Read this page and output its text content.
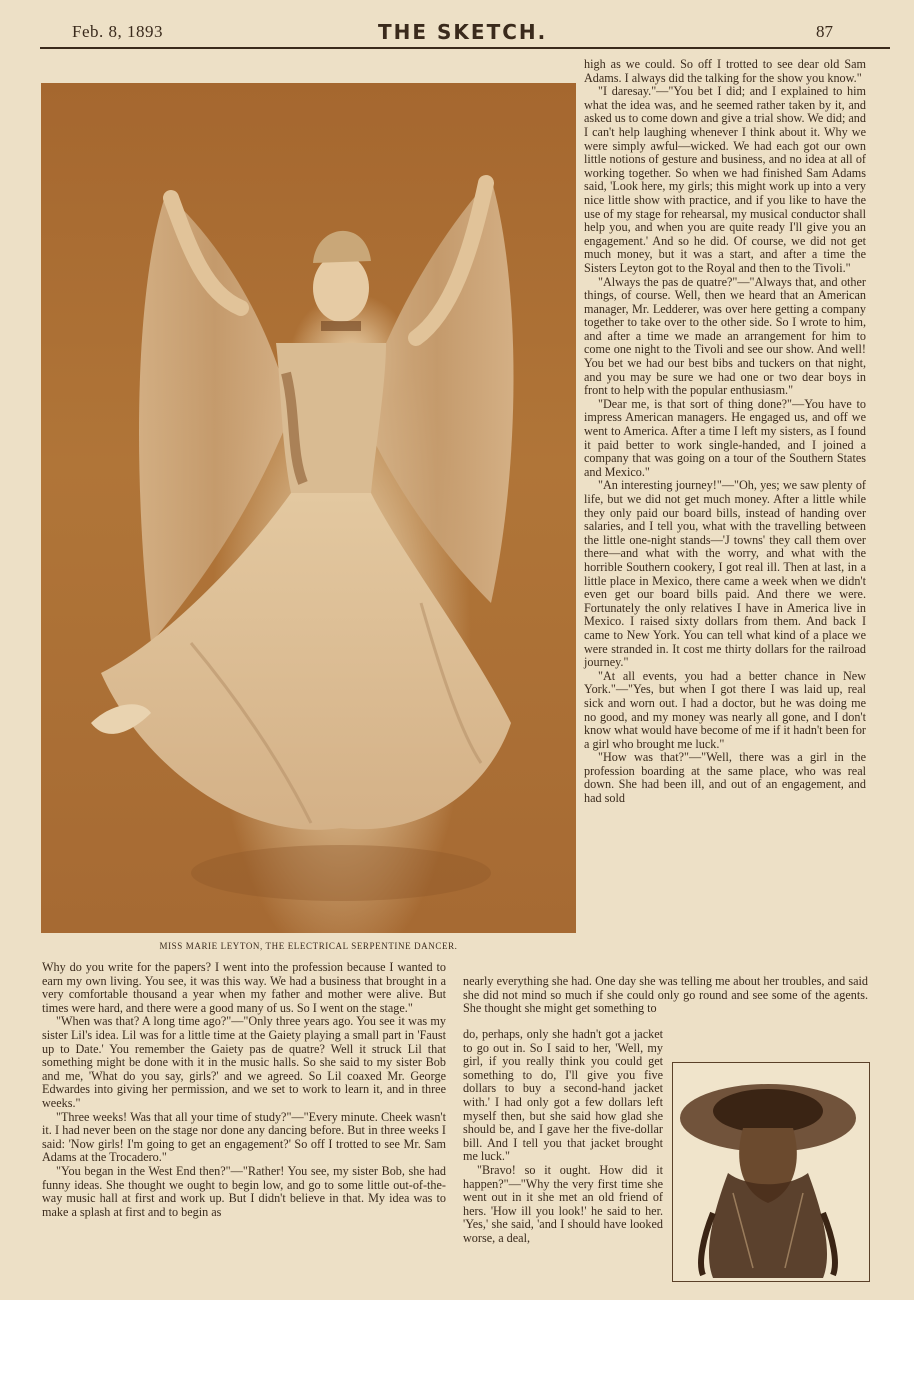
Feb. 8, 1893	THE SKETCH.	87
MISS MARIE LEYTON, THE ELECTRICAL SERPENTINE DANCER.

high as we could. So off I trotted to see dear old Sam Adams. I always did the talking for the show you know."

"I daresay."—"You bet I did; and I explained to him what the idea was, and he seemed rather taken by it, and asked us to come down and give a trial show. We did; and I can't help laughing whenever I think about it. Why we were simply awful—wicked. We had each got our own little notions of gesture and business, and no idea at all of working together. So when we had finished Sam Adams said, 'Look here, my girls; this might work up into a very nice little show with practice, and if you like to have the use of my stage for rehearsal, my musical conductor shall help you, and when you are quite ready I'll give you an engagement.' And so he did. Of course, we did not get much money, but it was a start, and after a time the Sisters Leyton got to the Royal and then to the Tivoli."

"Always the pas de quatre?"—"Always that, and other things, of course. Well, then we heard that an American manager, Mr. Ledderer, was over here getting a company together to take over to the other side. So I wrote to him, and after a time we made an arrangement for him to come one night to the Tivoli and see our show. And well! You bet we had our best bibs and tuckers on that night, and you may be sure we had one or two dear boys in front to help with the popular enthusiasm."

"Dear me, is that sort of thing done?"—You have to impress American managers. He engaged us, and off we went to America. After a time I left my sisters, as I found it paid better to work single-handed, and I joined a company that was going on a tour of the Southern States and Mexico."

"An interesting journey!"—"Oh, yes; we saw plenty of life, but we did not get much money. After a little while they only paid our board bills, instead of handing over salaries, and I tell you, what with the travelling between the little one-night stands—'J towns' they call them over there—and what with the worry, and what with the horrible Southern cookery, I got real ill. Then at last, in a little place in Mexico, there came a week when we didn't even get our board bills paid. And there we were. Fortunately the only relatives I have in America live in Mexico. I raised sixty dollars from them. And back I came to New York. You can tell what kind of a place we were stranded in. It cost me thirty dollars for the railroad journey."

"At all events, you had a better chance in New York."—"Yes, but when I got there I was laid up, real sick and worn out. I had a doctor, but he was doing me no good, and my money was nearly all gone, and I don't know what would have become of me if it hadn't been for a girl who brought me luck."

"How was that?"—"Well, there was a girl in the profession boarding at the same place, who was real down. She had been ill, and out of an engagement, and had sold

Why do you write for the papers? I went into the profession because I wanted to earn my own living. You see, it was this way. We had a business that brought in a very comfortable thousand a year when my father and mother were alive. But times were hard, and there were a good many of us. So I went on the stage."

"When was that? A long time ago?"—"Only three years ago. You see it was my sister Lil's idea. Lil was for a little time at the Gaiety playing a small part in 'Faust up to Date.' You remember the Gaiety pas de quatre? Well it struck Lil that something might be done with it in the music halls. So she said to my sister Bob and me, 'What do you say, girls?' and we agreed. So Lil coaxed Mr. George Edwardes into giving her permission, and we set to work to learn it, and in three weeks."

"Three weeks! Was that all your time of study?"—"Every minute. Cheek wasn't it. I had never been on the stage nor done any dancing before. But in three weeks I said: 'Now girls! I'm going to get an engagement?' So off I trotted to see Mr. Sam Adams at the Trocadero."

"You began in the West End then?"—"Rather! You see, my sister Bob, she had funny ideas. She thought we ought to begin low, and go to some little out-of-the-way music hall at first and work up. But I didn't believe in that. My idea was to make a splash at first and to begin as

nearly everything she had. One day she was telling me about her troubles, and said she did not mind so much if she could only go round and see some of the agents. She thought she might get something to

do, perhaps, only she hadn't got a jacket to go out in. So I said to her, 'Well, my girl, if you really think you could get something to do, I'll give you five dollars to buy a second-hand jacket with.' I had only got a few dollars left myself then, but she said how glad she should be, and I gave her the five-dollar bill. And I tell you that jacket brought me luck."

"Bravo! so it ought. How did it happen?"—"Why the very first time she went out in it she met an old friend of hers. 'How ill you look!' he said to her. 'Yes,' she said, 'and I should have looked worse, a deal,
